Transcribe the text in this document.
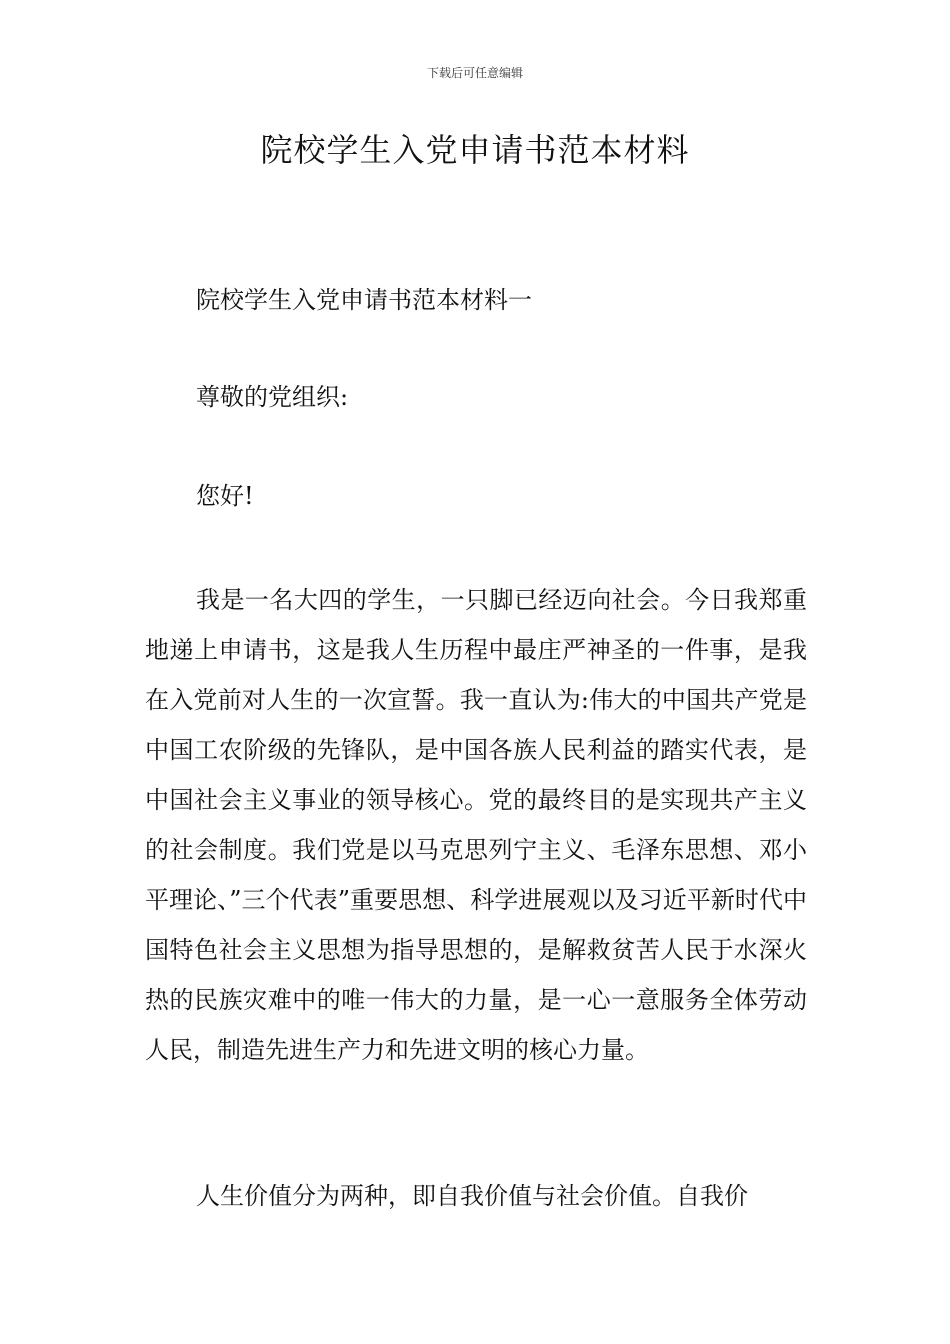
下载后可任意编辑
院校学生入党申请书范本材料
院校学生入党申请书范本材料一
尊敬的党组织:
您好!

我是一名大四的学生，一只脚已经迈向社会。今日我郑重地递上申请书，这是我人生历程中最庄严神圣的一件事，是我在入党前对人生的一次宣誓。我一直认为:伟大的中国共产党是中国工农阶级的先锋队，是中国各族人民利益的踏实代表，是中国社会主义事业的领导核心。党的最终目的是实现共产主义的社会制度。我们党是以马克思列宁主义、毛泽东思想、邓小平理论、”三个代表”重要思想、科学进展观以及习近平新时代中国特色社会主义思想为指导思想的，是解救贫苦人民于水深火热的民族灾难中的唯一伟大的力量，是一心一意服务全体劳动人民，制造先进生产力和先进文明的核心力量。

人生价值分为两种，即自我价值与社会价值。自我价
